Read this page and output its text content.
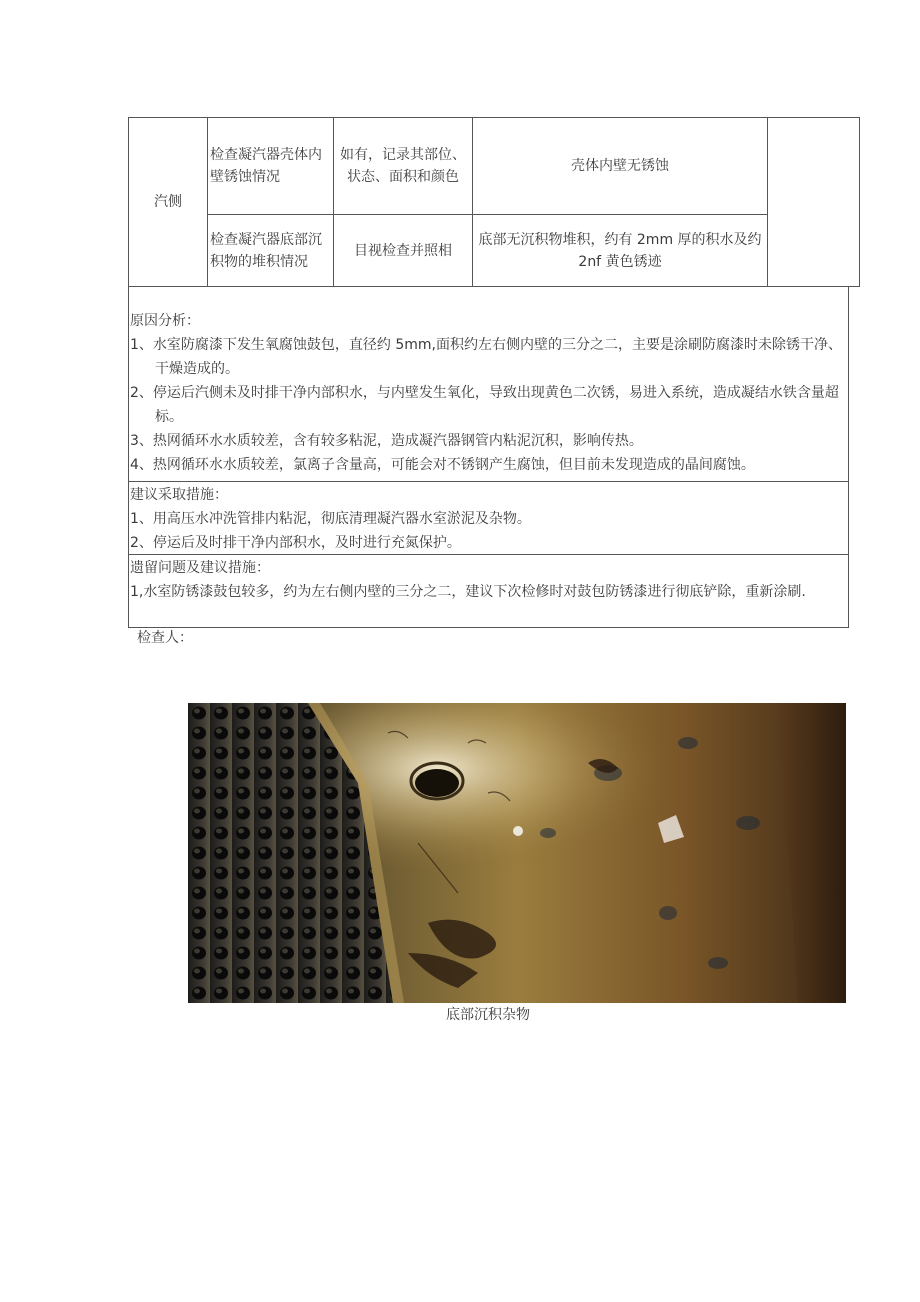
汽侧	检查凝汽器壳体内壁锈蚀情况	如有，记录其部位、状态、面积和颜色	壳体内壁无锈蚀	
	检查凝汽器底部沉积物的堆积情况	目视检查并照相	底部无沉积物堆积，约有 2mm 厚的积水及约 2nf 黄色锈迹	
原因分析：
1、水室防腐漆下发生氧腐蚀鼓包，直径约 5mm,面积约左右侧内壁的三分之二，主要是涂刷防腐漆时未除锈干净、干燥造成的。
2、停运后汽侧未及时排干净内部积水，与内壁发生氧化，导致出现黄色二次锈，易进入系统，造成凝结水铁含量超标。
3、热网循环水水质较差，含有较多粘泥，造成凝汽器钢管内粘泥沉积，影响传热。
4、热网循环水水质较差，氯离子含量高，可能会对不锈钢产生腐蚀，但目前未发现造成的晶间腐蚀。
建议采取措施：
1、用高压水冲洗管排内粘泥，彻底清理凝汽器水室淤泥及杂物。
2、停运后及时排干净内部积水，及时进行充氮保护。
遗留问题及建议措施：
1,水室防锈漆鼓包较多，约为左右侧内壁的三分之二，建议下次检修时对鼓包防锈漆进行彻底铲除，重新涂刷.
检查人：
底部沉积杂物
